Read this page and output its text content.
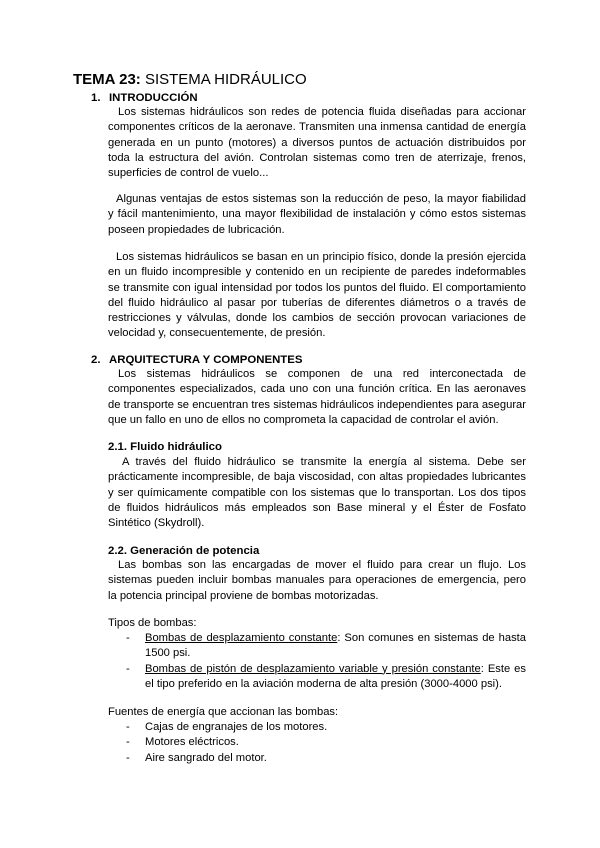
TEMA 23: SISTEMA HIDRÁULICO
1. INTRODUCCIÓN

Los sistemas hidráulicos son redes de potencia fluida diseñadas para accionar componentes críticos de la aeronave. Transmiten una inmensa cantidad de energía generada en un punto (motores) a diversos puntos de actuación distribuidos por toda la estructura del avión. Controlan sistemas como tren de aterrizaje, frenos, superficies de control de vuelo...

Algunas ventajas de estos sistemas son la reducción de peso, la mayor fiabilidad y fácil mantenimiento, una mayor flexibilidad de instalación y cómo estos sistemas poseen propiedades de lubricación.

Los sistemas hidráulicos se basan en un principio físico, donde la presión ejercida en un fluido incompresible y contenido en un recipiente de paredes indeformables se transmite con igual intensidad por todos los puntos del fluido. El comportamiento del fluido hidráulico al pasar por tuberías de diferentes diámetros o a través de restricciones y válvulas, donde los cambios de sección provocan variaciones de velocidad y, consecuentemente, de presión.

2. ARQUITECTURA Y COMPONENTES

Los sistemas hidráulicos se componen de una red interconectada de componentes especializados, cada uno con una función crítica. En las aeronaves de transporte se encuentran tres sistemas hidráulicos independientes para asegurar que un fallo en uno de ellos no comprometa la capacidad de controlar el avión.

2.1. Fluido hidráulico

A través del fluido hidráulico se transmite la energía al sistema. Debe ser prácticamente incompresible, de baja viscosidad, con altas propiedades lubricantes y ser químicamente compatible con los sistemas que lo transportan. Los dos tipos de fluidos hidráulicos más empleados son Base mineral y el Éster de Fosfato Sintético (Skydroll).

2.2. Generación de potencia

Las bombas son las encargadas de mover el fluido para crear un flujo. Los sistemas pueden incluir bombas manuales para operaciones de emergencia, pero la potencia principal proviene de bombas motorizadas.

Tipos de bombas:
- Bombas de desplazamiento constante: Son comunes en sistemas de hasta 1500 psi.
- Bombas de pistón de desplazamiento variable y presión constante: Este es el tipo preferido en la aviación moderna de alta presión (3000-4000 psi).
Fuentes de energía que accionan las bombas:
- Cajas de engranajes de los motores.
- Motores eléctricos.
- Aire sangrado del motor.
